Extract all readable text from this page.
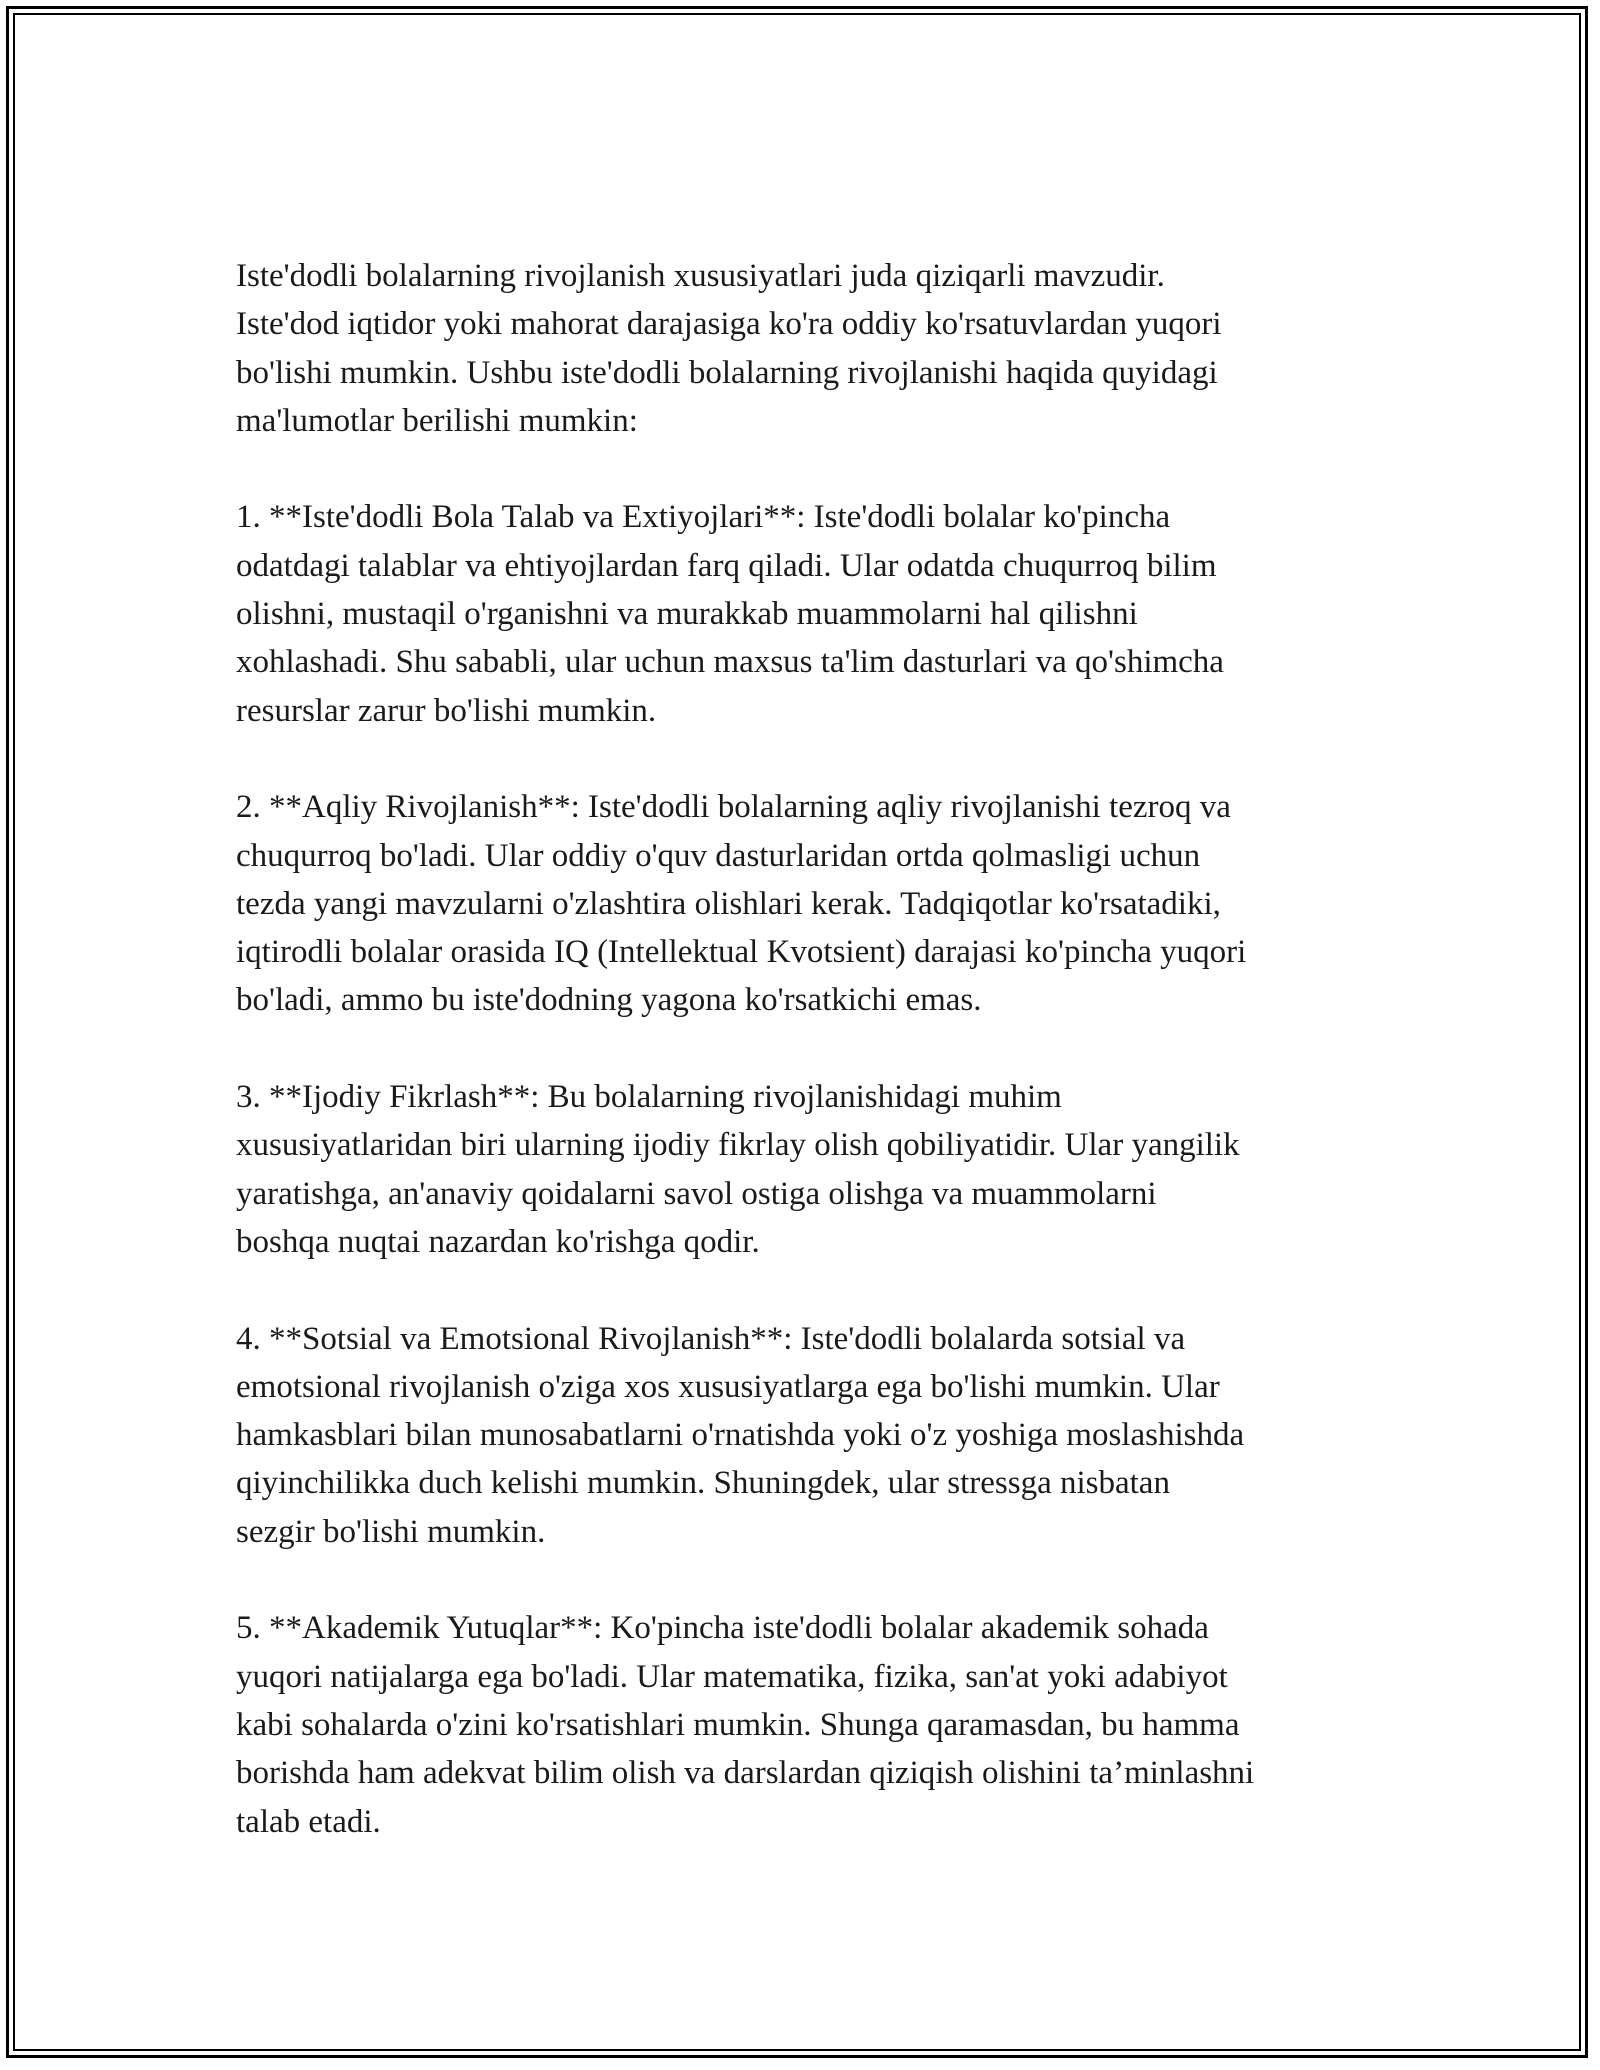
Iste'dodli bolalarning rivojlanish xususiyatlari juda qiziqarli mavzudir.
Iste'dod iqtidor yoki mahorat darajasiga ko'ra oddiy ko'rsatuvlardan yuqori
bo'lishi mumkin. Ushbu iste'dodli bolalarning rivojlanishi haqida quyidagi
ma'lumotlar berilishi mumkin:

1. **Iste'dodli Bola Talab va Extiyojlari**: Iste'dodli bolalar ko'pincha
odatdagi talablar va ehtiyojlardan farq qiladi. Ular odatda chuqurroq bilim
olishni, mustaqil o'rganishni va murakkab muammolarni hal qilishni
xohlashadi. Shu sababli, ular uchun maxsus ta'lim dasturlari va qo'shimcha
resurslar zarur bo'lishi mumkin.

2. **Aqliy Rivojlanish**: Iste'dodli bolalarning aqliy rivojlanishi tezroq va
chuqurroq bo'ladi. Ular oddiy o'quv dasturlaridan ortda qolmasligi uchun
tezda yangi mavzularni o'zlashtira olishlari kerak. Tadqiqotlar ko'rsatadiki,
iqtirodli bolalar orasida IQ (Intellektual Kvotsient) darajasi ko'pincha yuqori
bo'ladi, ammo bu iste'dodning yagona ko'rsatkichi emas.

3. **Ijodiy Fikrlash**: Bu bolalarning rivojlanishidagi muhim
xususiyatlaridan biri ularning ijodiy fikrlay olish qobiliyatidir. Ular yangilik
yaratishga, an'anaviy qoidalarni savol ostiga olishga va muammolarni
boshqa nuqtai nazardan ko'rishga qodir.

4. **Sotsial va Emotsional Rivojlanish**: Iste'dodli bolalarda sotsial va
emotsional rivojlanish o'ziga xos xususiyatlarga ega bo'lishi mumkin. Ular
hamkasblari bilan munosabatlarni o'rnatishda yoki o'z yoshiga moslashishda
qiyinchilikka duch kelishi mumkin. Shuningdek, ular stressga nisbatan
sezgir bo'lishi mumkin.

5. **Akademik Yutuqlar**: Ko'pincha iste'dodli bolalar akademik sohada
yuqori natijalarga ega bo'ladi. Ular matematika, fizika, san'at yoki adabiyot
kabi sohalarda o'zini ko'rsatishlari mumkin. Shunga qaramasdan, bu hamma
borishda ham adekvat bilim olish va darslardan qiziqish olishini ta’minlashni
talab etadi.
